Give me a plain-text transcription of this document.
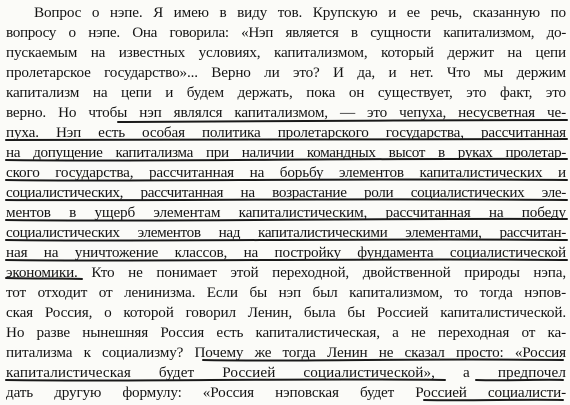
Вопрос о нэпе. Я имею в виду тов. Крупскую и ее речь, сказанную по
вопросу о нэпе. Она говорила: «Нэп является в сущности капитализмом, до-
пускаемым на известных условиях, капитализмом, который держит на цепи
пролетарское государство»... Верно ли это? И да, и нет. Что мы держим
капитализм на цепи и будем держать, пока он существует, это факт, это
верно. Но чтобы нэп являлся капитализмом, — это чепуха, несусветная че-
пуха. Нэп есть особая политика пролетарского государства, рассчитанная
на допущение капитализма при наличии командных высот в руках пролетар-
ского государства, рассчитанная на борьбу элементов капиталистических и
социалистических, рассчитанная на возрастание роли социалистических эле-
ментов в ущерб элементам капиталистическим, рассчитанная на победу
социалистических элементов над капиталистическими элементами, рассчитан-
ная на уничтожение классов, на постройку фундамента социалистической
экономики. Кто не понимает этой переходной, двойственной природы нэпа,
тот отходит от ленинизма. Если бы нэп был капитализмом, то тогда нэпов-
ская Россия, о которой говорил Ленин, была бы Россией капиталистической.
Но разве нынешняя Россия есть капиталистическая, а не переходная от ка-
питализма к социализму? Почему же тогда Ленин не сказал просто: «Россия
капиталистическая будет Россией социалистической», а предпочел
дать другую формулу: «Россия нэповская будет Россией социалисти-
